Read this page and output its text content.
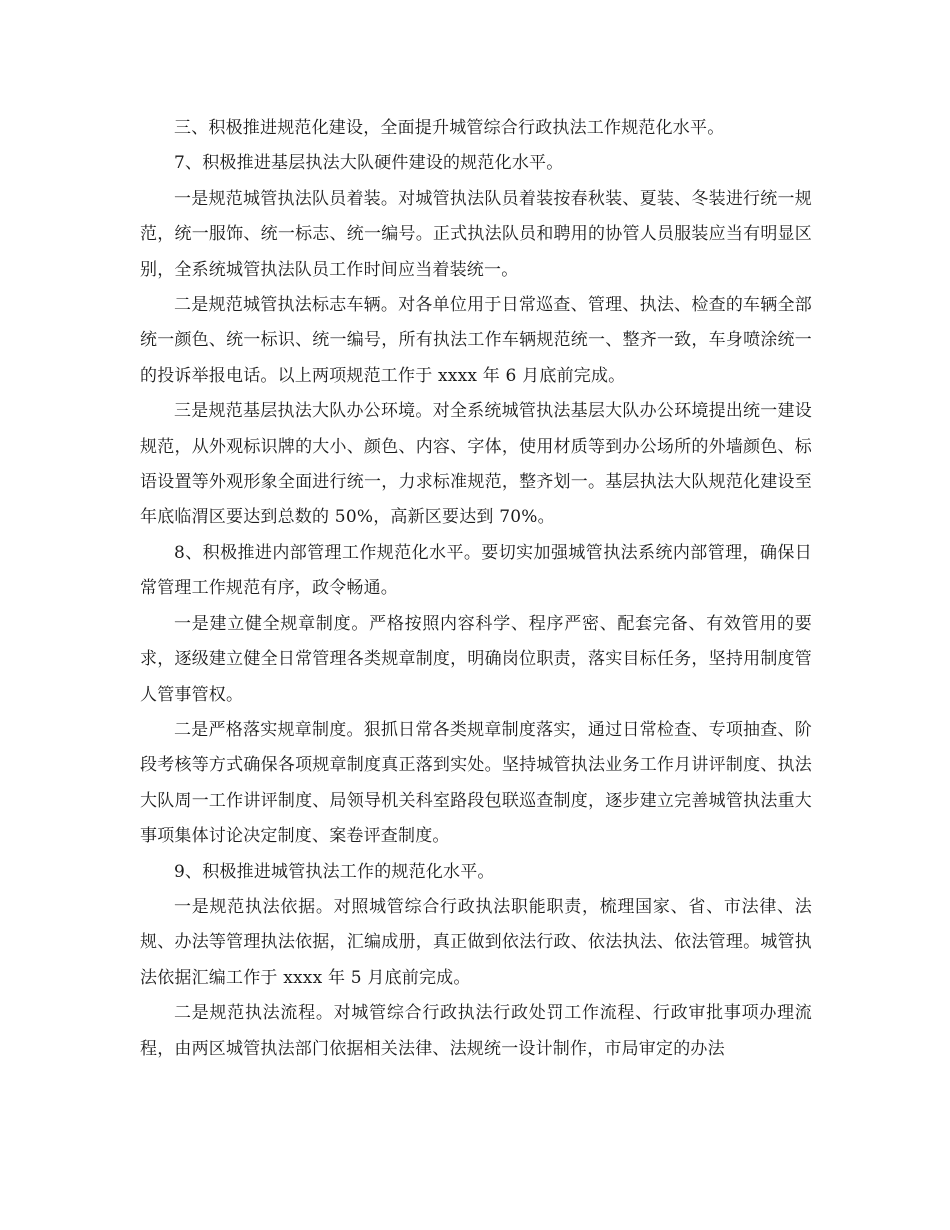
三、积极推进规范化建设，全面提升城管综合行政执法工作规范化水平。

7、积极推进基层执法大队硬件建设的规范化水平。

一是规范城管执法队员着装。对城管执法队员着装按春秋装、夏装、冬装进行统一规范，统一服饰、统一标志、统一编号。正式执法队员和聘用的协管人员服装应当有明显区别，全系统城管执法队员工作时间应当着装统一。

二是规范城管执法标志车辆。对各单位用于日常巡查、管理、执法、检查的车辆全部统一颜色、统一标识、统一编号，所有执法工作车辆规范统一、整齐一致，车身喷涂统一的投诉举报电话。以上两项规范工作于 xxxx 年 6 月底前完成。

三是规范基层执法大队办公环境。对全系统城管执法基层大队办公环境提出统一建设规范，从外观标识牌的大小、颜色、内容、字体，使用材质等到办公场所的外墙颜色、标语设置等外观形象全面进行统一，力求标准规范，整齐划一。基层执法大队规范化建设至年底临渭区要达到总数的 50%，高新区要达到 70%。

8、积极推进内部管理工作规范化水平。要切实加强城管执法系统内部管理，确保日常管理工作规范有序，政令畅通。

一是建立健全规章制度。严格按照内容科学、程序严密、配套完备、有效管用的要求，逐级建立健全日常管理各类规章制度，明确岗位职责，落实目标任务，坚持用制度管人管事管权。

二是严格落实规章制度。狠抓日常各类规章制度落实，通过日常检查、专项抽查、阶段考核等方式确保各项规章制度真正落到实处。坚持城管执法业务工作月讲评制度、执法大队周一工作讲评制度、局领导机关科室路段包联巡查制度，逐步建立完善城管执法重大事项集体讨论决定制度、案卷评查制度。

9、积极推进城管执法工作的规范化水平。

一是规范执法依据。对照城管综合行政执法职能职责，梳理国家、省、市法律、法规、办法等管理执法依据，汇编成册，真正做到依法行政、依法执法、依法管理。城管执法依据汇编工作于 xxxx 年 5 月底前完成。

二是规范执法流程。对城管综合行政执法行政处罚工作流程、行政审批事项办理流程，由两区城管执法部门依据相关法律、法规统一设计制作，市局审定的办法
